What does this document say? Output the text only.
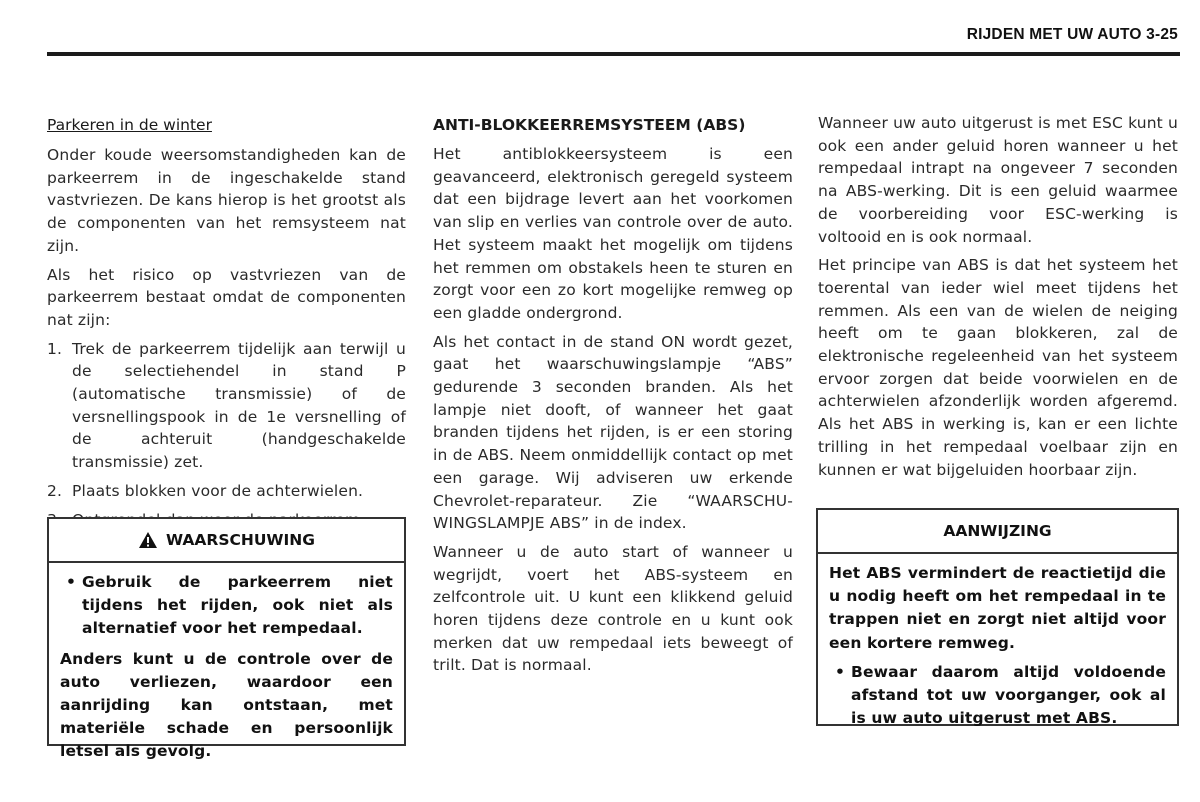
RIJDEN MET UW AUTO 3-25
Parkeren in de winter

Onder koude weersomstandigheden kan de parkeerrem in de ingeschakelde stand vastvriezen. De kans hierop is het grootst als de componenten van het remsysteem nat zijn.

Als het risico op vastvriezen van de parkeerrem bestaat omdat de componenten nat zijn:

1. Trek de parkeerrem tijdelijk aan terwijl u de selectiehendel in stand P (automatische transmissie) of de versnellingspook in de 1e versnelling of de achteruit (handgeschakelde transmissie) zet.
2. Plaats blokken voor de achterwielen.
WAARSCHUWING
• Gebruik de parkeerrem niet tijdens het rijden, ook niet als alternatief voor het rempedaal.

Anders kunt u de controle over de auto verliezen, waardoor een aanrijding kan ontstaan, met materiële schade en persoonlijk letsel als gevolg.

ANTI-BLOKKEERREMSYSTEEM (ABS)

Het antiblokkeersysteem is een geavanceerd, elektronisch geregeld systeem dat een bijdrage levert aan het voorkomen van slip en verlies van controle over de auto. Het systeem maakt het mogelijk om tijdens het remmen om obstakels heen te sturen en zorgt voor een zo kort mogelijke remweg op een gladde ondergrond.

Als het contact in de stand ON wordt gezet, gaat het waarschuwingslampje “ABS” gedurende 3 seconden branden. Als het lampje niet dooft, of wanneer het gaat branden tijdens het rijden, is er een storing in de ABS. Neem onmiddellijk contact op met een garage. Wij adviseren uw erkende Chevrolet-reparateur. Zie “WAARSCHU-WINGSLAMPJE ABS” in de index.

Wanneer u de auto start of wanneer u wegrijdt, voert het ABS-systeem en zelfcontrole uit. U kunt een klikkend geluid horen tijdens deze controle en u kunt ook merken dat uw rempedaal iets beweegt of trilt. Dat is normaal.

Wanneer uw auto uitgerust is met ESC kunt u ook een ander geluid horen wanneer u het rempedaal intrapt na ongeveer 7 seconden na ABS-werking. Dit is een geluid waarmee de voorbereiding voor ESC-werking is voltooid en is ook normaal.

Het principe van ABS is dat het systeem het toerental van ieder wiel meet tijdens het remmen. Als een van de wielen de neiging heeft om te gaan blokkeren, zal de elektronische regeleenheid van het systeem ervoor zorgen dat beide voorwielen en de achterwielen afzonderlijk worden afgeremd. Als het ABS in werking is, kan er een lichte trilling in het rempedaal voelbaar zijn en kunnen er wat bijgeluiden hoorbaar zijn.

AANWIJZING

Het ABS vermindert de reactietijd die u nodig heeft om het rempedaal in te trappen niet en zorgt niet altijd voor een kortere remweg.

• Bewaar daarom altijd voldoende afstand tot uw voorganger, ook al is uw auto uitgerust met ABS.
